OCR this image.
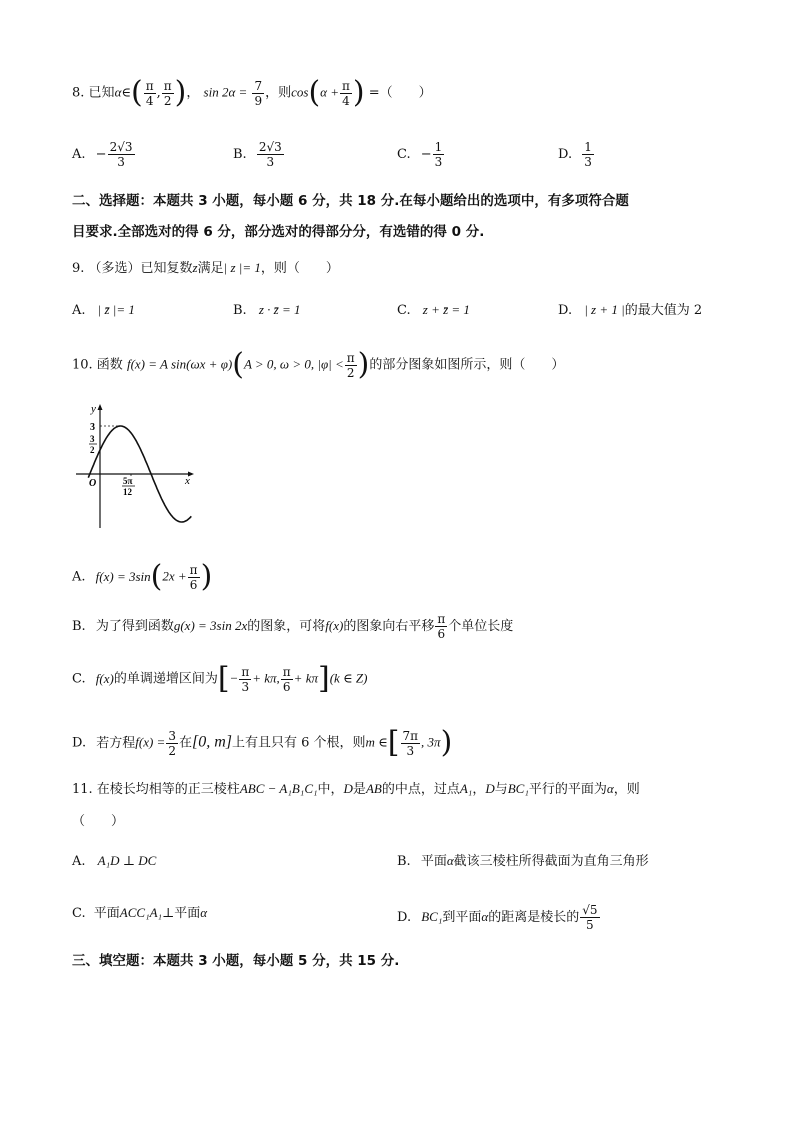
8. 已知α∈( $\frac{\pi}{4}$ , $\frac{\pi}{2}$ )， $\sin 2\alpha = \frac{7}{9}$ ，则$\cos(\alpha + \frac{\pi}{4}$ ) =（　　）
A. − $\frac{2√3}{3}$	B. $\frac{2√3}{3}$	C. − $\frac{1}{3}$	D. $\frac{1}{3}$
二、选择题：本题共 3 小题，每小题 6 分，共 18 分.在每小题给出的选项中，有多项符合题
目要求.全部选对的得 6 分，部分选对的得部分分，有选错的得 0 分.
9. （多选）已知复数z满足| z |= 1，则（　　）
A. | z̄ |= 1	B. z · z̄ = 1	C. z + z̄ = 1	D. | z + 1 |的最大值为 2
10. 函数 f(x) = A sin(ωx + φ)(A > 0, ω > 0, $|\varphi| < \frac{\pi}{2}$ )的部分图象如图所示，则（　　）
y
x
O
3
3
2
5π
12
A. $f(x) = 3\sin(2x + \frac{\pi}{6}$ )
B. 为了得到函数g(x) = 3sin 2x的图象，可将f(x)的图象向右平移 $\frac{\pi}{6}$ 个单位长度
C. f(x)的单调递增区间为[− $\frac{\pi}{3} + k\pi$, $\frac{\pi}{6} + k\pi](k$ ∈ Z)
D. 若方程$f(x) = \frac{3}{2}$ 在[0, m]上有且只有 6 个根，则m ∈[ $\frac{7\pi}{3}$ , 3π)
11. 在棱长均相等的正三棱柱ABC − A₁B₁C₁中，D是AB的中点，过点A₁，D与BC₁平行的平面为α，则
（　　）
A. A₁D ⊥ DC	B. 平面α截该三棱柱所得截面为直角三角形
C. 平面ACC₁A₁⊥平面α	D. BC₁到平面α的距离是棱长的 $\frac{√5}{5}$
三、填空题：本题共 3 小题，每小题 5 分，共 15 分.
